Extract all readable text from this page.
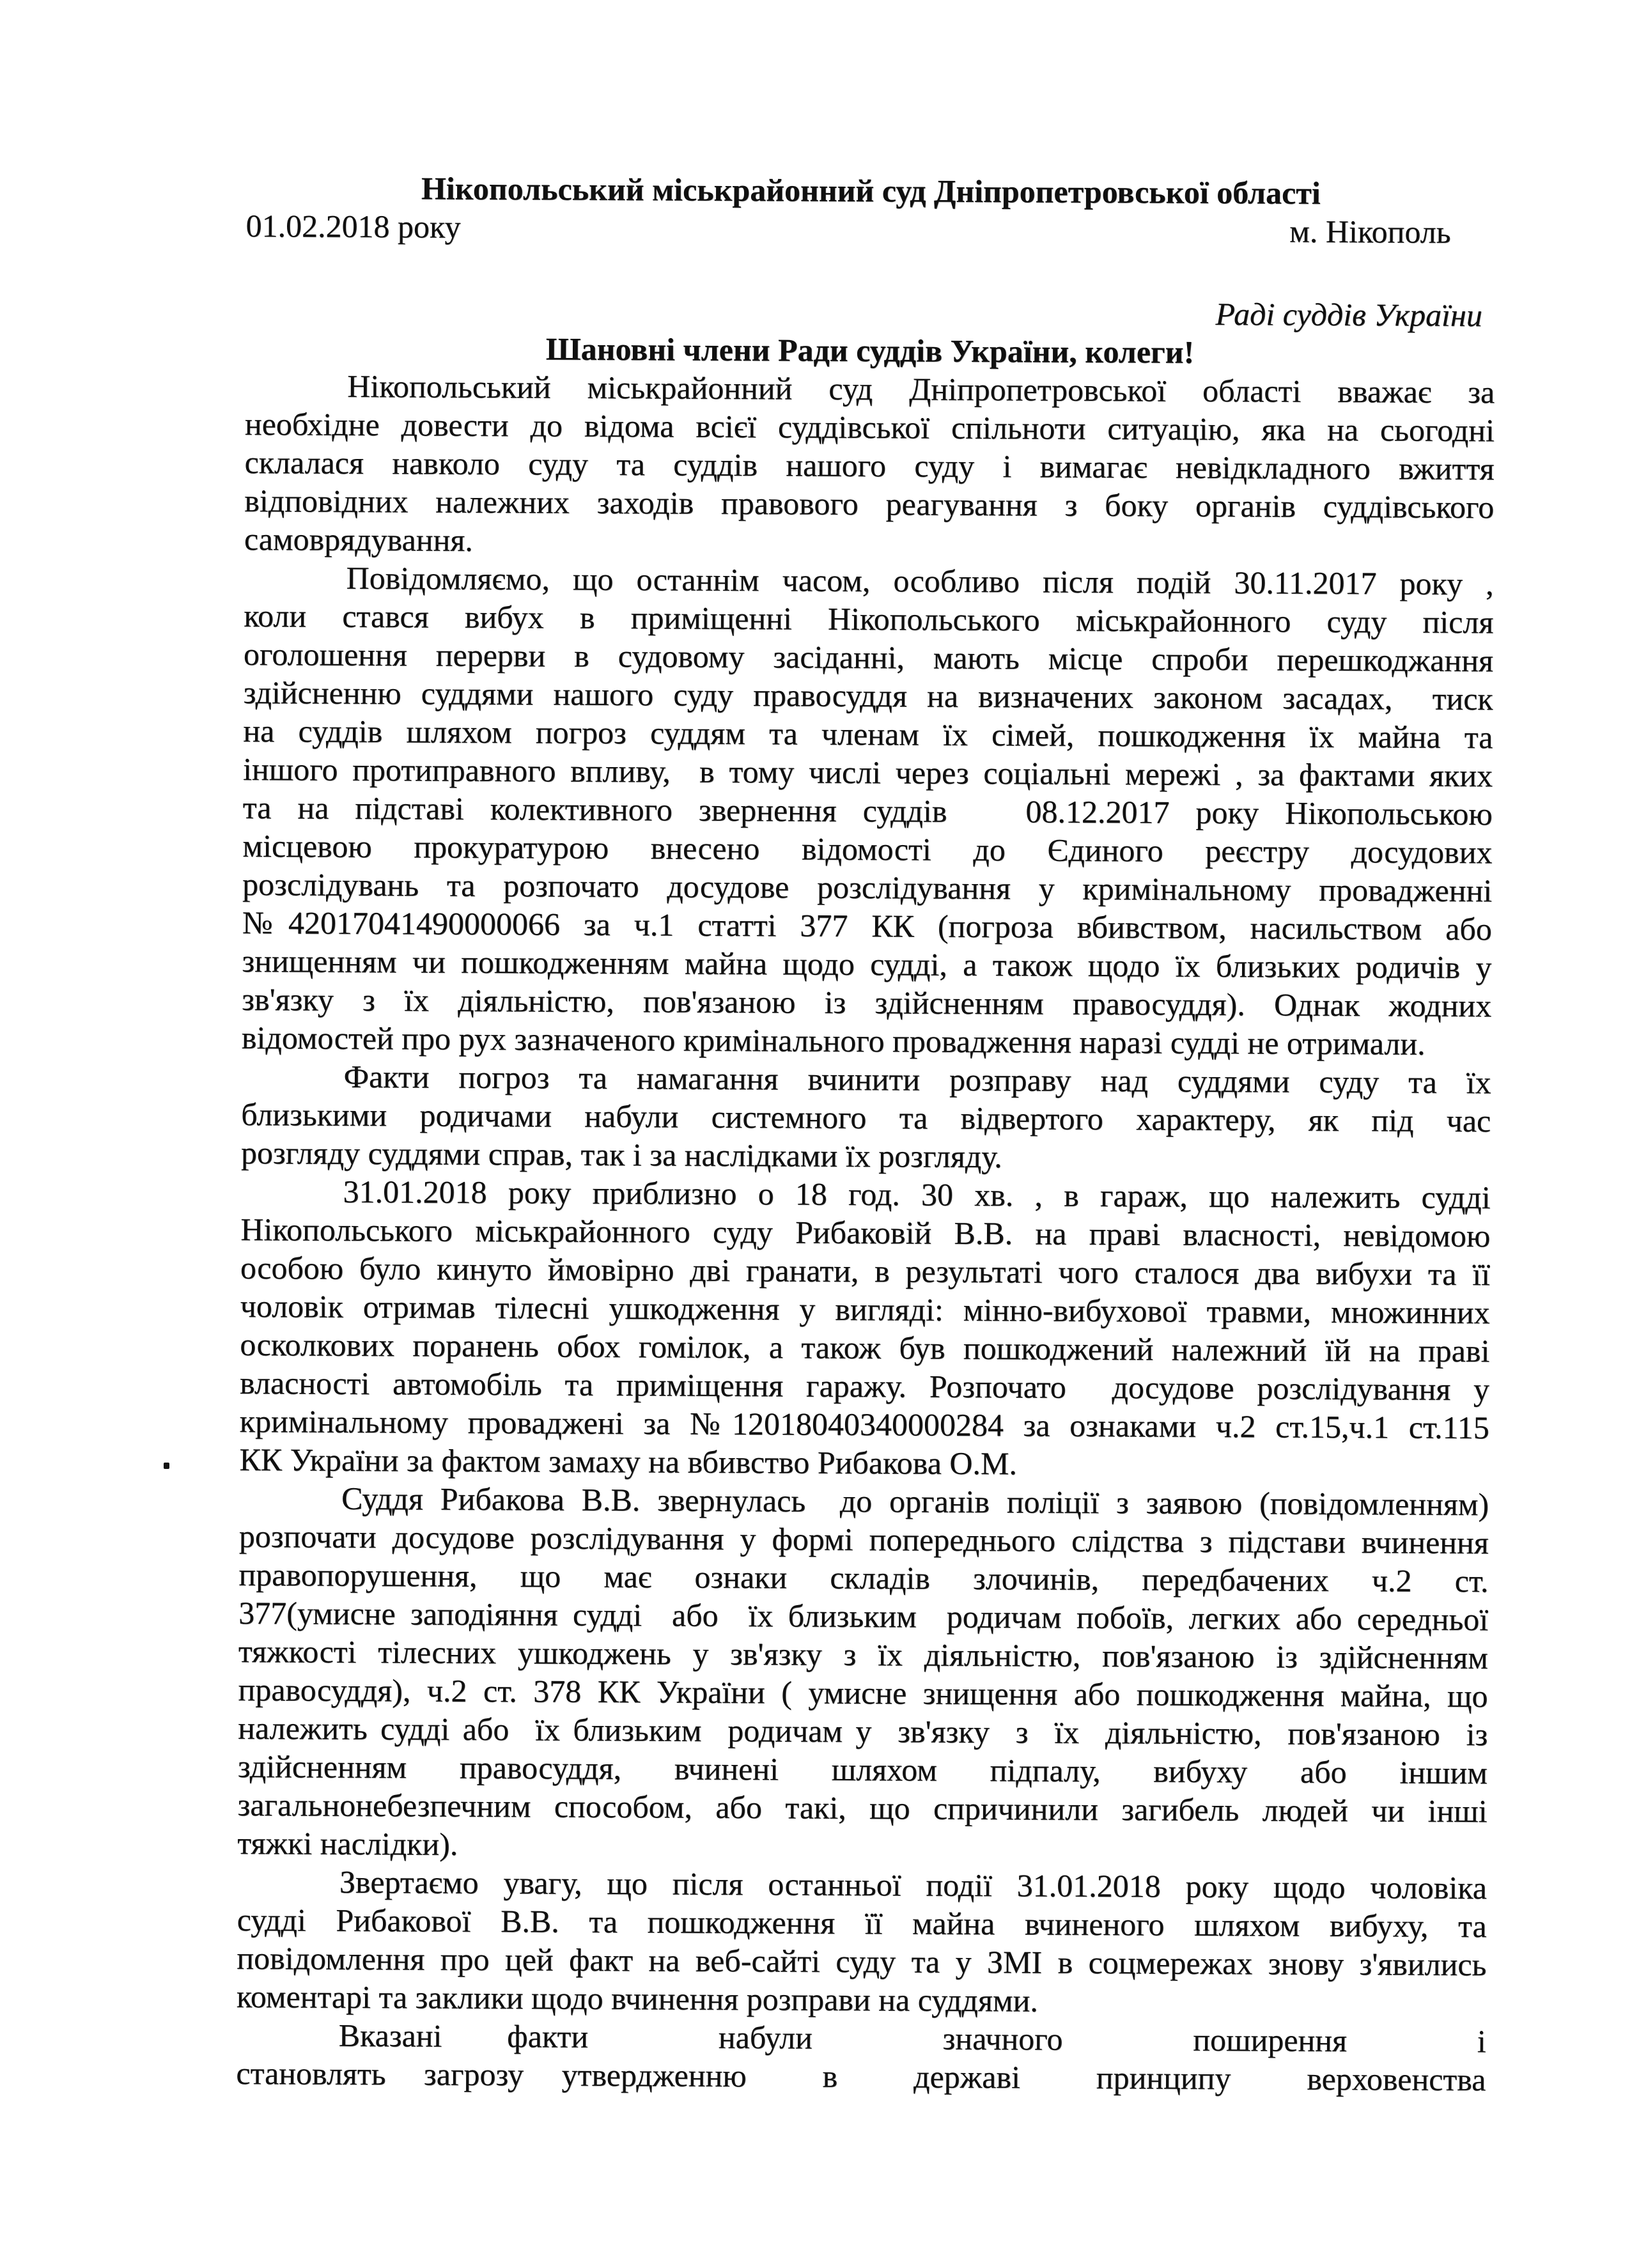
Нікопольський міськрайонний суд Дніпропетровської області
01.02.2018 року	м. Нікополь
Раді суддів України
Шановні члени Ради суддів України, колеги!
Нікопольський міськрайонний суд Дніпропетровської області вважає за
необхідне довести до відома всієї суддівської спільноти ситуацію, яка на сьогодні
склалася навколо суду та суддів нашого суду і вимагає невідкладного вжиття
відповідних належних заходів правового реагування з боку органів суддівського
самоврядування.
Повідомляємо, що останнім часом, особливо після подій 30.11.2017 року ,
коли стався вибух в приміщенні Нікопольського міськрайонного суду після
оголошення перерви в судовому засіданні, мають місце спроби перешкоджання
здійсненню суддями нашого суду правосуддя на визначених законом засадах,  тиск
на суддів шляхом погроз суддям та членам їх сімей, пошкодження їх майна та
іншого протиправного впливу,  в тому числі через соціальні мережі , за фактами яких
та на підставі колективного звернення суддів   08.12.2017 року Нікопольською
місцевою прокуратурою внесено відомості до Єдиного реєстру досудових
розслідувань та розпочато досудове розслідування у кримінальному провадженні
№42017041490000066 за ч.1 статті 377 КК (погроза вбивством, насильством або
знищенням чи пошкодженням майна щодо судді, а також щодо їх близьких родичів у
зв'язку з їх діяльністю, пов'язаною із здійсненням правосуддя). Однак жодних
відомостей про рух зазначеного кримінального провадження наразі судді не отримали.
Факти погроз та намагання вчинити розправу над суддями суду та їх
близькими родичами набули системного та відвертого характеру, як під час
розгляду суддями справ, так і за наслідками їх розгляду.
31.01.2018 року приблизно о 18 год. 30 хв. , в гараж, що належить судді
Нікопольського міськрайонного суду Рибаковій В.В. на праві власності, невідомою
особою було кинуто ймовірно дві гранати, в результаті чого сталося два вибухи та її
чоловік отримав тілесні ушкодження у вигляді: мінно-вибухової травми, множинних
осколкових поранень обох гомілок, а також був пошкоджений належний їй на праві
власності автомобіль та приміщення гаражу. Розпочато  досудове розслідування у
кримінальному проваджені за №12018040340000284 за ознаками ч.2 ст.15,ч.1 ст.115
КК України за фактом замаху на вбивство Рибакова О.М.
Суддя Рибакова В.В. звернулась  до органів поліції з заявою (повідомленням)
розпочати досудове розслідування у формі попереднього слідства з підстави вчинення
правопорушення, що має ознаки складів злочинів, передбачених ч.2 ст.
377(умисне заподіяння судді  або  їх близьким  родичам побоїв, легких або середньої
тяжкості тілесних ушкоджень у зв'язку з їх діяльністю, пов'язаною із здійсненням
правосуддя), ч.2 ст. 378 КК України ( умисне знищення або пошкодження майна, що
належить судді або  їх близьким  родичам у  зв'язку  з  їх  діяльністю,  пов'язаною  із
здійсненням правосуддя, вчинені шляхом підпалу, вибуху або іншим
загальнонебезпечним способом, або такі, що спричинили загибель людей чи інші
тяжкі наслідки).
Звертаємо увагу, що після останньої події 31.01.2018 року щодо чоловіка
судді Рибакової В.В. та пошкодження її майна вчиненого шляхом вибуху, та
повідомлення про цей факт на веб-сайті суду та у ЗМІ в соцмережах знову з'явились
коментарі та заклики щодо вчинення розправи на суддями.
Вказані факти  набули  значного  поширення  і
становлять загрозу утвердженню  в  державі  принципу  верховенства
